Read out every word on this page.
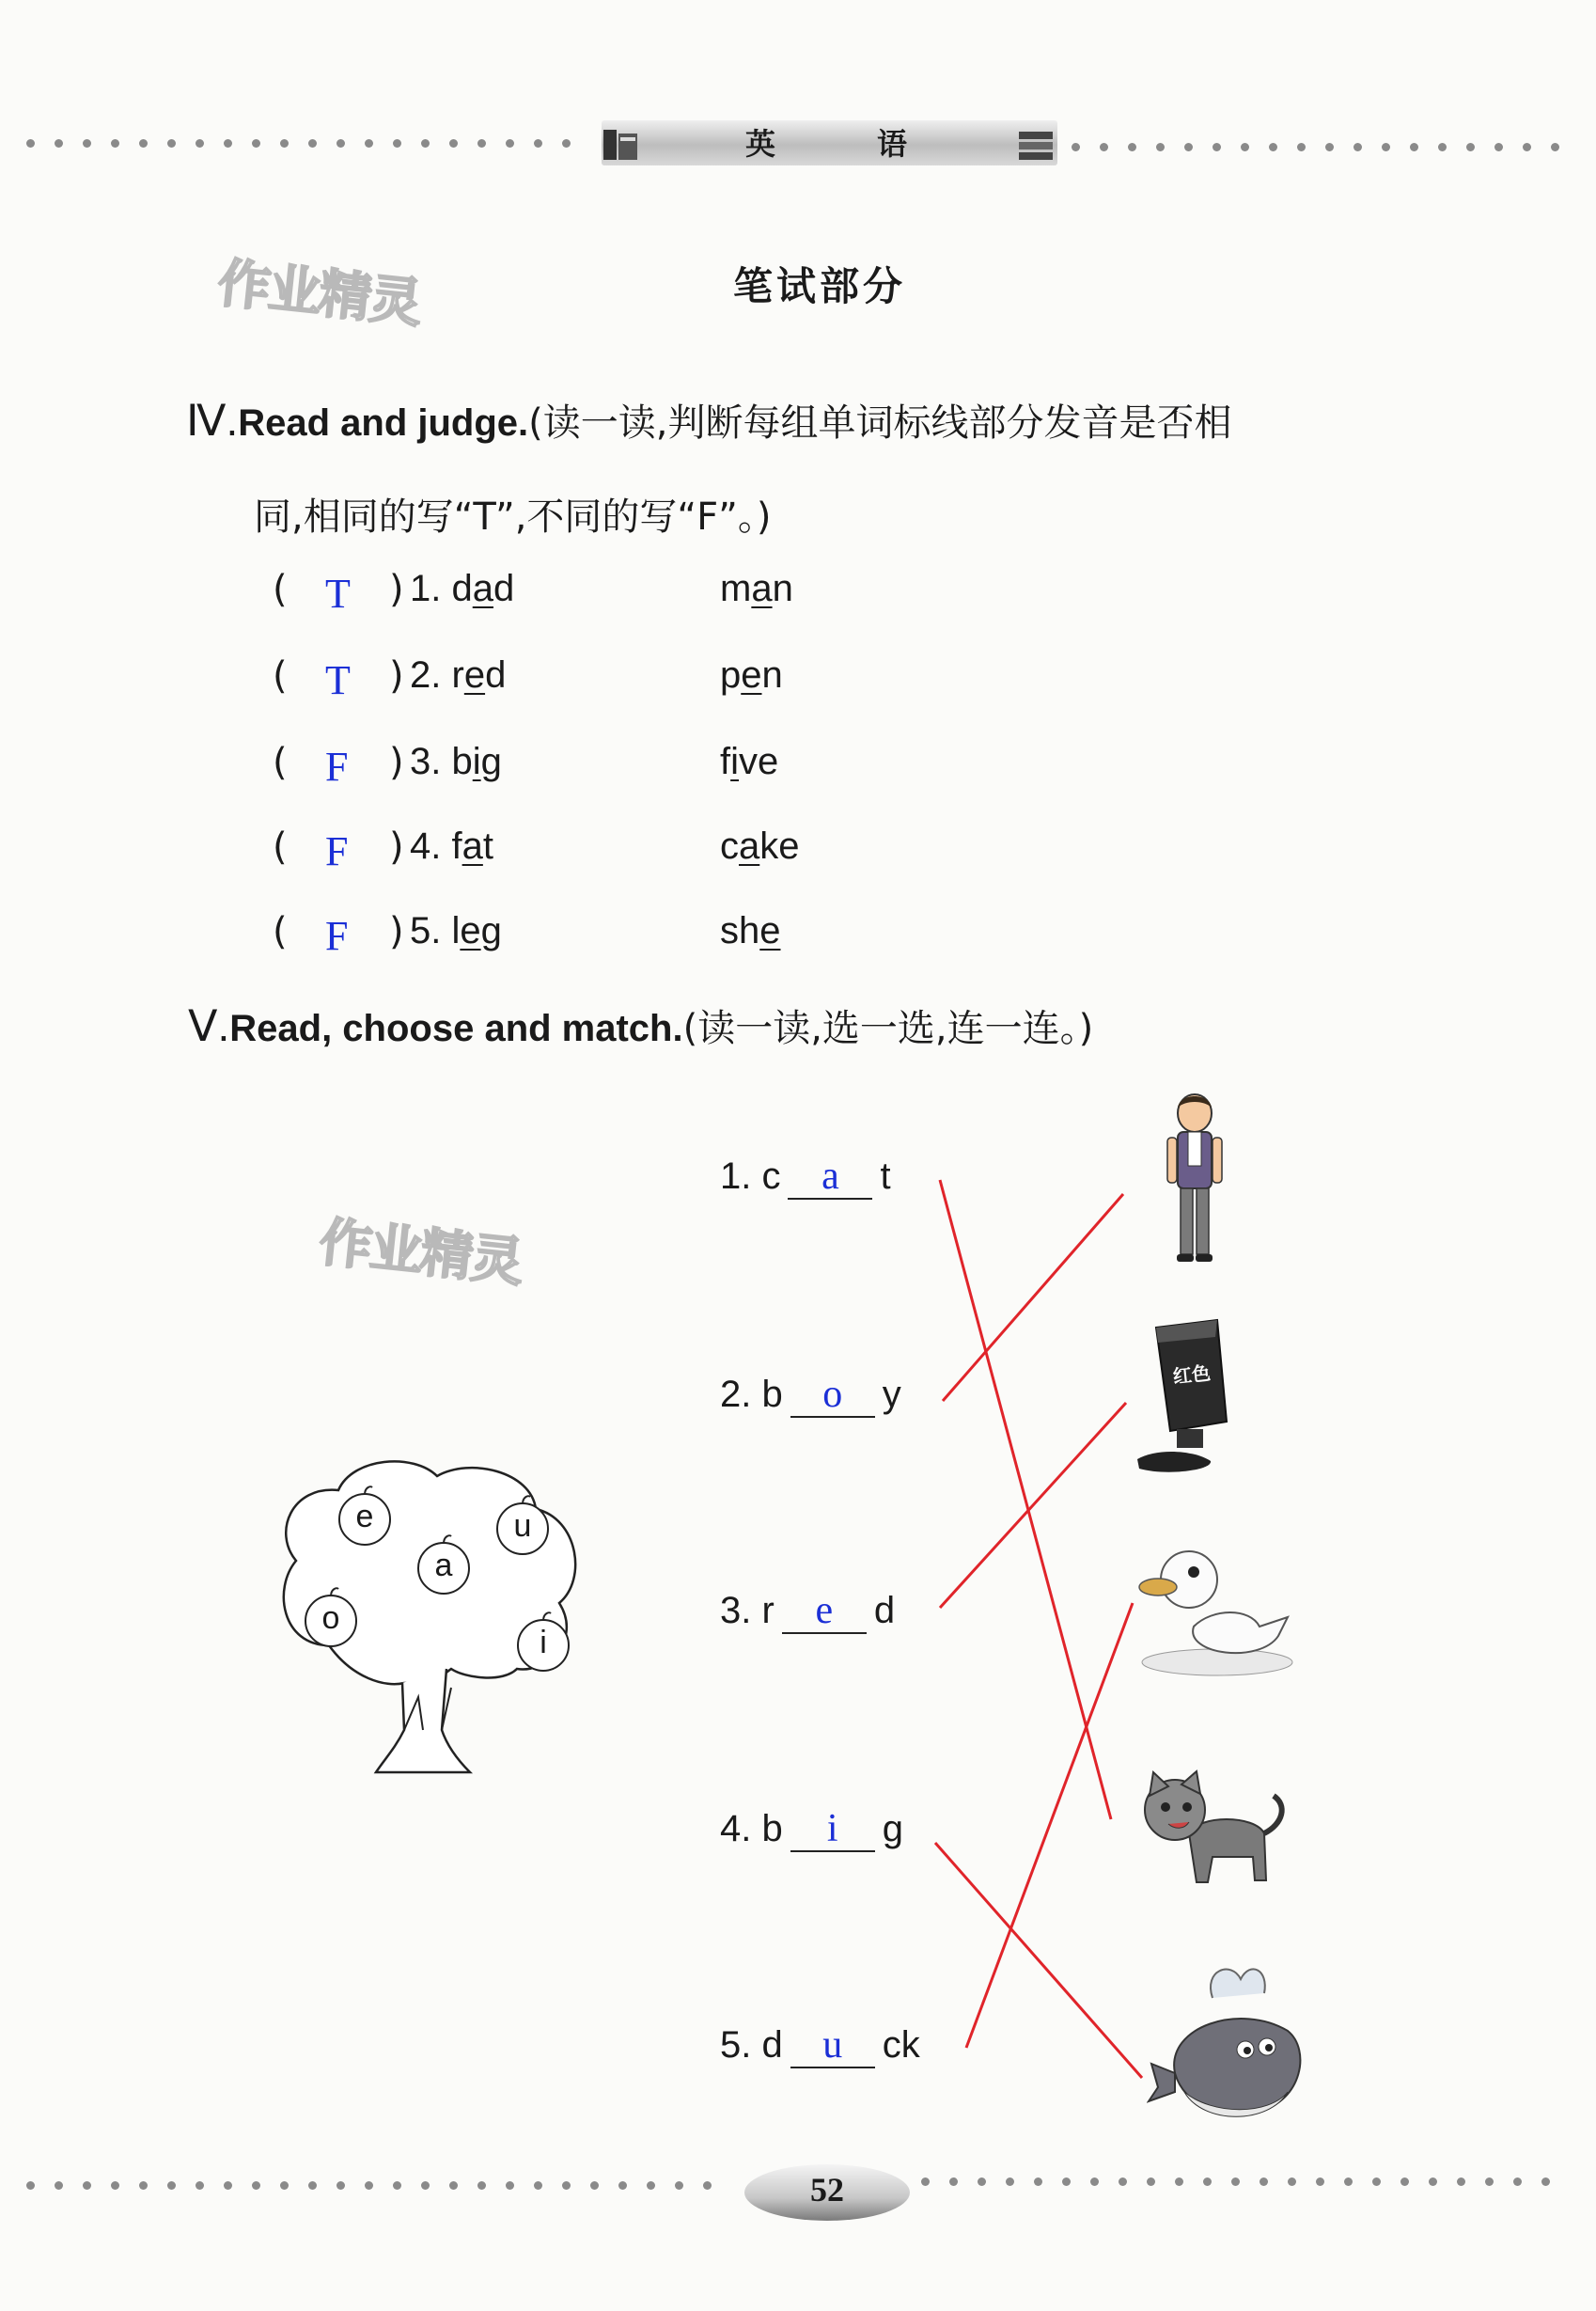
英	语
作业精灵
作业精灵
笔试部分
Ⅳ.Read and judge.(读一读,判断每组单词标线部分发音是否相
同,相同的写“T”,不同的写“F”。)
( T ) 1. dad	man
( T ) 2. red	pen
( F ) 3. big	five
( F ) 4. fat	cake
( F ) 5. leg	she
Ⅴ.Read, choose and match.(读一读,选一选,连一连。)
1. c a t
2. b o y
3. r e d
4. b i g
5. d u ck
e	u
a
o
i
红色
52
